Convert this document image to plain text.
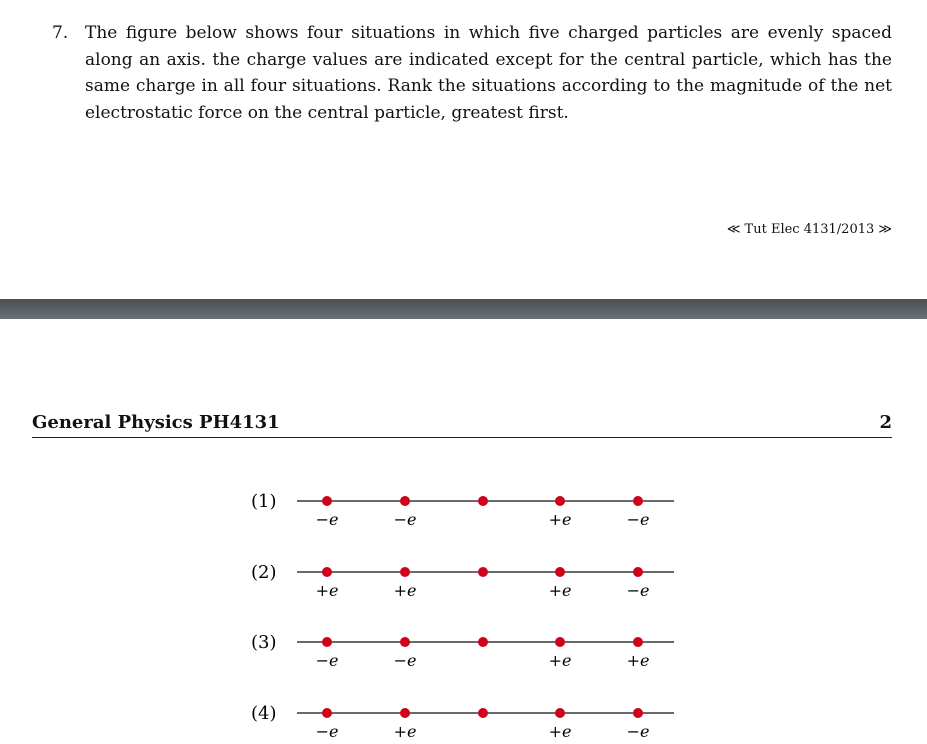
7. The figure below shows four situations in which five charged particles are evenly spaced along an axis. the charge values are indicated except for the central particle, which has the same charge in all four situations. Rank the situations according to the magnitude of the net electrostatic force on the central particle, greatest first.
≪ Tut Elec 4131/2013 ≫
General Physics PH4131	2
(1)
−e	−e	+e	−e
(2)
+e	+e	+e	−e
(3)
−e	−e	+e	+e
(4)
−e	+e	+e	−e
